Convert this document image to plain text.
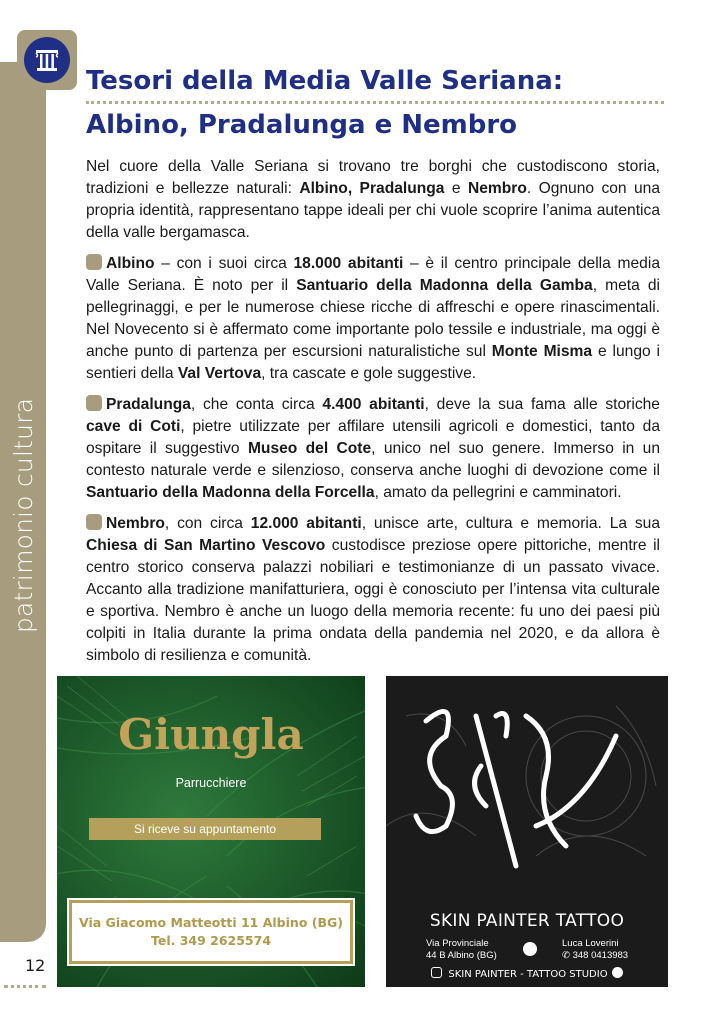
patrimonio cultura
Tesori della Media Valle Seriana:
Albino, Pradalunga e Nembro

Nel cuore della Valle Seriana si trovano tre borghi che custodiscono storia, tradizioni e bellezze naturali: Albino, Pradalunga e Nembro. Ognuno con una propria identità, rappresentano tappe ideali per chi vuole scoprire l’anima autentica della valle bergamasca.

Albino – con i suoi circa 18.000 abitanti – è il centro principale della media Valle Seriana. È noto per il Santuario della Madonna della Gamba, meta di pellegrinaggi, e per le numerose chiese ricche di affreschi e opere rinascimentali. Nel Novecento si è affermato come importante polo tessile e industriale, ma oggi è anche punto di partenza per escursioni naturalistiche sul Monte Misma e lungo i sentieri della Val Vertova, tra cascate e gole suggestive.

Pradalunga, che conta circa 4.400 abitanti, deve la sua fama alle storiche cave di Coti, pietre utilizzate per affilare utensili agricoli e domestici, tanto da ospitare il suggestivo Museo del Cote, unico nel suo genere. Immerso in un contesto naturale verde e silenzioso, conserva anche luoghi di devozione come il Santuario della Madonna della Forcella, amato da pellegrini e camminatori.

Nembro, con circa 12.000 abitanti, unisce arte, cultura e memoria. La sua Chiesa di San Martino Vescovo custodisce preziose opere pittoriche, mentre il centro storico conserva palazzi nobiliari e testimonianze di un passato vivace. Accanto alla tradizione manifatturiera, oggi è conosciuto per l’intensa vita culturale e sportiva. Nembro è anche un luogo della memoria recente: fu uno dei paesi più colpiti in Italia durante la prima ondata della pandemia nel 2020, e da allora è simbolo di resilienza e comunità.

Giungla
Parrucchiere
Si riceve su appuntamento
Via Giacomo Matteotti 11 Albino (BG)
Tel. 349 2625574
SKIN PAINTER TATTOO
Via Provinciale
44 B Albino (BG)
Luca Loverini
✆ 348 0413983
SKIN PAINTER - TATTOO STUDIO
12
